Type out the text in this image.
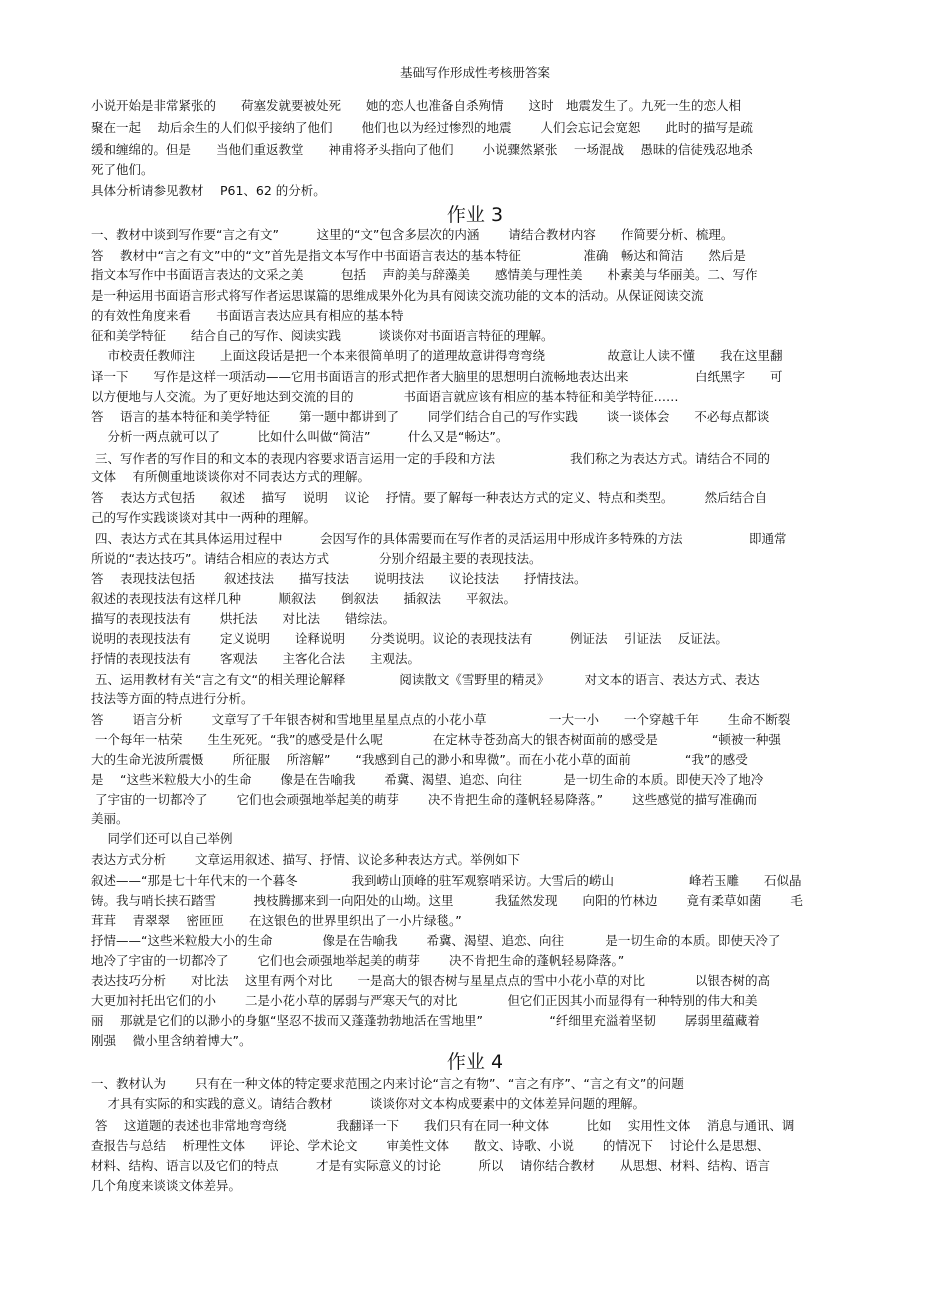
基础写作形成性考核册答案
小说开始是非常紧张的　　荷塞发就要被处死　　她的恋人也准备自杀殉情　　这时　地震发生了。九死一生的恋人相
聚在一起　 劫后余生的人们似乎接纳了他们　　 他们也以为经过惨烈的地震　　 人们会忘记会宽恕　　此时的描写是疏
缓和缠绵的。但是　　当他们重返教堂　　神甫将矛头指向了他们　　 小说骤然紧张　 一场混战　 愚昧的信徒残忍地杀
死了他们。
具体分析请参见教材　 P61、62 的分析。
作业 3
一、教材中谈到写作要“言之有文”　　　这里的“文”包含多层次的内涵　　 请结合教材内容　　作简要分析、梳理。
答　 教材中“言之有文”中的“文”首先是指文本写作中书面语言表达的基本特征　　　　　准确　畅达和简洁　　然后是
指文本写作中书面语言表达的文采之美　　　包括　 声韵美与辞藻美　　感情美与理性美　　朴素美与华丽美。二、写作
是一种运用书面语言形式将写作者运思谋篇的思维成果外化为具有阅读交流功能的文本的活动。从保证阅读交流
的有效性角度来看　　书面语言表达应具有相应的基本特
征和美学特征　　结合自己的写作、阅读实践　　　谈谈你对书面语言特征的理解。
　 市校责任教师注　　上面这段话是把一个本来很简单明了的道理故意讲得弯弯绕　　　　　故意让人读不懂　　我在这里翻
译一下　　写作是这样一项活动——它用书面语言的形式把作者大脑里的思想明白流畅地表达出来　　　　　 白纸黑字　　可
以方便地与人交流。为了更好地达到交流的目的　　　　书面语言就应该有相应的基本特征和美学特征……
答　 语言的基本特征和美学特征　　 第一题中都讲到了　　 同学们结合自己的写作实践　　 谈一谈体会　　不必每点都谈
　 分析一两点就可以了　　　比如什么叫做“简洁”　　　什么又是“畅达”。
三、写作者的写作目的和文本的表现内容要求语言运用一定的手段和方法　　　　　　我们称之为表达方式。请结合不同的
文体　 有所侧重地谈谈你对不同表达方式的理解。
答　 表达方式包括　　叙述　 描写　 说明　 议论　 抒情。要了解每一种表达方式的定义、特点和类型。　　　然后结合自
己的写作实践谈谈对其中一两种的理解。
四、表达方式在其具体运用过程中　　　会因写作的具体需要而在写作者的灵活运用中形成许多特殊的方法　　　　　 即通常
所说的“表达技巧”。请结合相应的表达方式　　　　分别介绍最主要的表现技法。
答　 表现技法包括　　 叙述技法　　描写技法　　说明技法　　议论技法　　抒情技法。
叙述的表现技法有这样几种　　　顺叙法　　倒叙法　　插叙法　　平叙法。
描写的表现技法有　　 烘托法　　对比法　　错综法。
说明的表现技法有　　 定义说明　　诠释说明　　分类说明。议论的表现技法有　　　例证法　 引证法　 反证法。
抒情的表现技法有　　 客观法　　主客化合法　　主观法。
五、运用教材有关“言之有文“的相关理论解释　　　　 阅读散文《雪野里的精灵》　　　 对文本的语言、表达方式、表达
技法等方面的特点进行分析。
答　　 语言分析　　 文章写了千年银杏树和雪地里星星点点的小花小草　　　　　一大一小　　一个穿越千年　　 生命不断裂
一个每年一枯荣　　生生死死。“我”的感受是什么呢　　　　在定林寺苍劲高大的银杏树面前的感受是　　　　 “顿被一种强
大的生命光波所震慑　　 所征服　 所溶解”　　“我感到自己的渺小和卑微”。而在小花小草的面前　　　　 “我”的感受
是　 “这些米粒般大小的生命　　 像是在告喻我　　 希冀、渴望、追恋、向往　　　 是一切生命的本质。即使天冷了地冷
了宇宙的一切都冷了　　 它们也会顽强地举起美的萌芽　　 决不肯把生命的蓬帆轻易降落。”　　 这些感觉的描写准确而
美丽。
　 同学们还可以自己举例
表达方式分析　　 文章运用叙述、描写、抒情、议论多种表达方式。举例如下
叙述——“那是七十年代末的一个暮冬　　　　 我到崂山顶峰的驻军观察哨采访。大雪后的崂山　　　　　　峰若玉雕　　石似晶
铸。我与哨长挟石踏雪　　　拽枝腾挪来到一向阳处的山坳。这里　　　 我猛然发现　　向阳的竹林边　　 竟有柔草如菌　　 毛
茸茸　 青翠翠　 密匝匝　　在这银色的世界里织出了一小片绿毯。”
抒情——“这些米粒般大小的生命　　　　像是在告喻我　　 希冀、渴望、追恋、向往　　　 是一切生命的本质。即使天冷了
地冷了宇宙的一切都冷了　　 它们也会顽强地举起美的萌芽　　 决不肯把生命的蓬帆轻易降落。”
表达技巧分析　　对比法　 这里有两个对比　　一是高大的银杏树与星星点点的雪中小花小草的对比　　　　以银杏树的高
大更加衬托出它们的小　　 二是小花小草的孱弱与严寒天气的对比　　　　但它们正因其小而显得有一种特别的伟大和美
丽　 那就是它们的以渺小的身躯“坚忍不拔而又蓬蓬勃勃地活在雪地里”　　　　　 “纤细里充溢着坚韧　　 孱弱里蕴藏着
刚强　 微小里含纳着博大”。
作业 4
一、教材认为　　 只有在一种文体的特定要求范围之内来讨论“言之有物”、“言之有序”、“言之有文”的问题
　 才具有实际的和实践的意义。请结合教材　　　谈谈你对文本构成要素中的文体差异问题的理解。
答　 这道题的表述也非常地弯弯绕　　　　我翻译一下　　我们只有在同一种文体　　　比如　 实用性文体　 消息与通讯、调
查报告与总结　 析理性文体　　评论、学术论文　　 审美性文体　　散文、诗歌、小说　　 的情况下　 讨论什么是思想、
材料、结构、语言以及它们的特点　　　才是有实际意义的讨论　　　所以　 请你结合教材　　从思想、材料、结构、语言
几个角度来谈谈文体差异。
